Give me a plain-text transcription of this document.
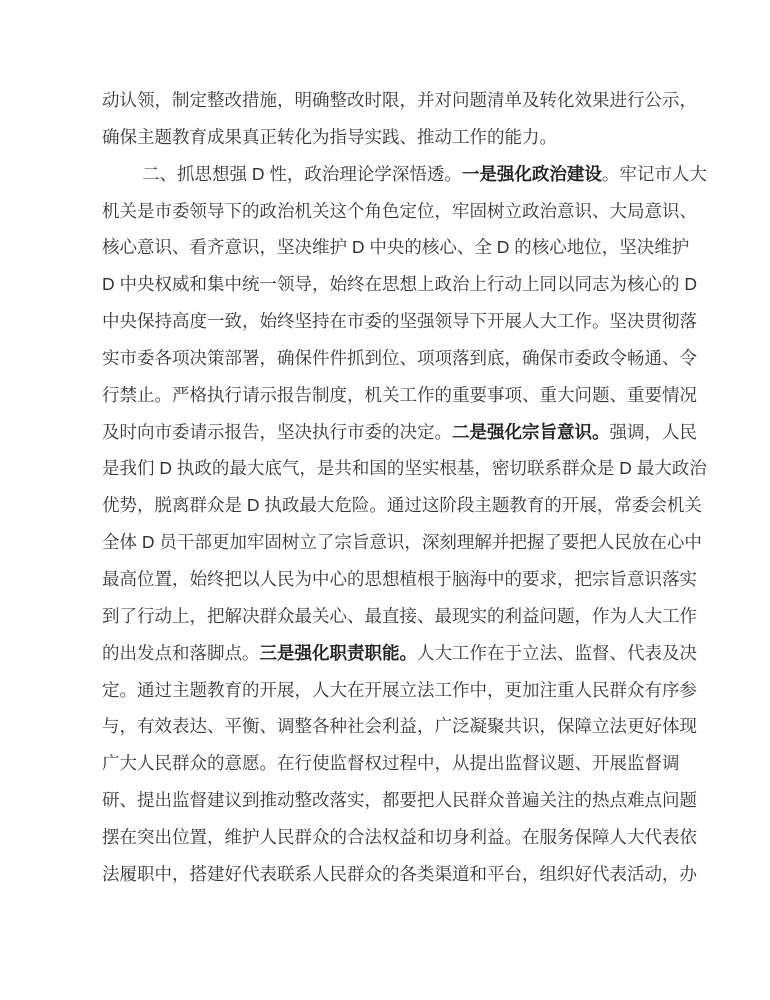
动认领，制定整改措施，明确整改时限，并对问题清单及转化效果进行公示，
确保主题教育成果真正转化为指导实践、推动工作的能力。
二、抓思想强 D 性，政治理论学深悟透。一是强化政治建设。牢记市人大
机关是市委领导下的政治机关这个角色定位，牢固树立政治意识、大局意识、
核心意识、看齐意识，坚决维护 D 中央的核心、全 D 的核心地位，坚决维护
D 中央权威和集中统一领导，始终在思想上政治上行动上同以同志为核心的 D
中央保持高度一致，始终坚持在市委的坚强领导下开展人大工作。坚决贯彻落
实市委各项决策部署，确保件件抓到位、项项落到底，确保市委政令畅通、令
行禁止。严格执行请示报告制度，机关工作的重要事项、重大问题、重要情况
及时向市委请示报告，坚决执行市委的决定。二是强化宗旨意识。强调，人民
是我们 D 执政的最大底气，是共和国的坚实根基，密切联系群众是 D 最大政治
优势，脱离群众是 D 执政最大危险。通过这阶段主题教育的开展，常委会机关
全体 D 员干部更加牢固树立了宗旨意识，深刻理解并把握了要把人民放在心中
最高位置，始终把以人民为中心的思想植根于脑海中的要求，把宗旨意识落实
到了行动上，把解决群众最关心、最直接、最现实的利益问题，作为人大工作
的出发点和落脚点。三是强化职责职能。人大工作在于立法、监督、代表及决
定。通过主题教育的开展，人大在开展立法工作中，更加注重人民群众有序参
与，有效表达、平衡、调整各种社会利益，广泛凝聚共识，保障立法更好体现
广大人民群众的意愿。在行使监督权过程中，从提出监督议题、开展监督调
研、提出监督建议到推动整改落实，都要把人民群众普遍关注的热点难点问题
摆在突出位置，维护人民群众的合法权益和切身利益。在服务保障人大代表依
法履职中，搭建好代表联系人民群众的各类渠道和平台，组织好代表活动，办
